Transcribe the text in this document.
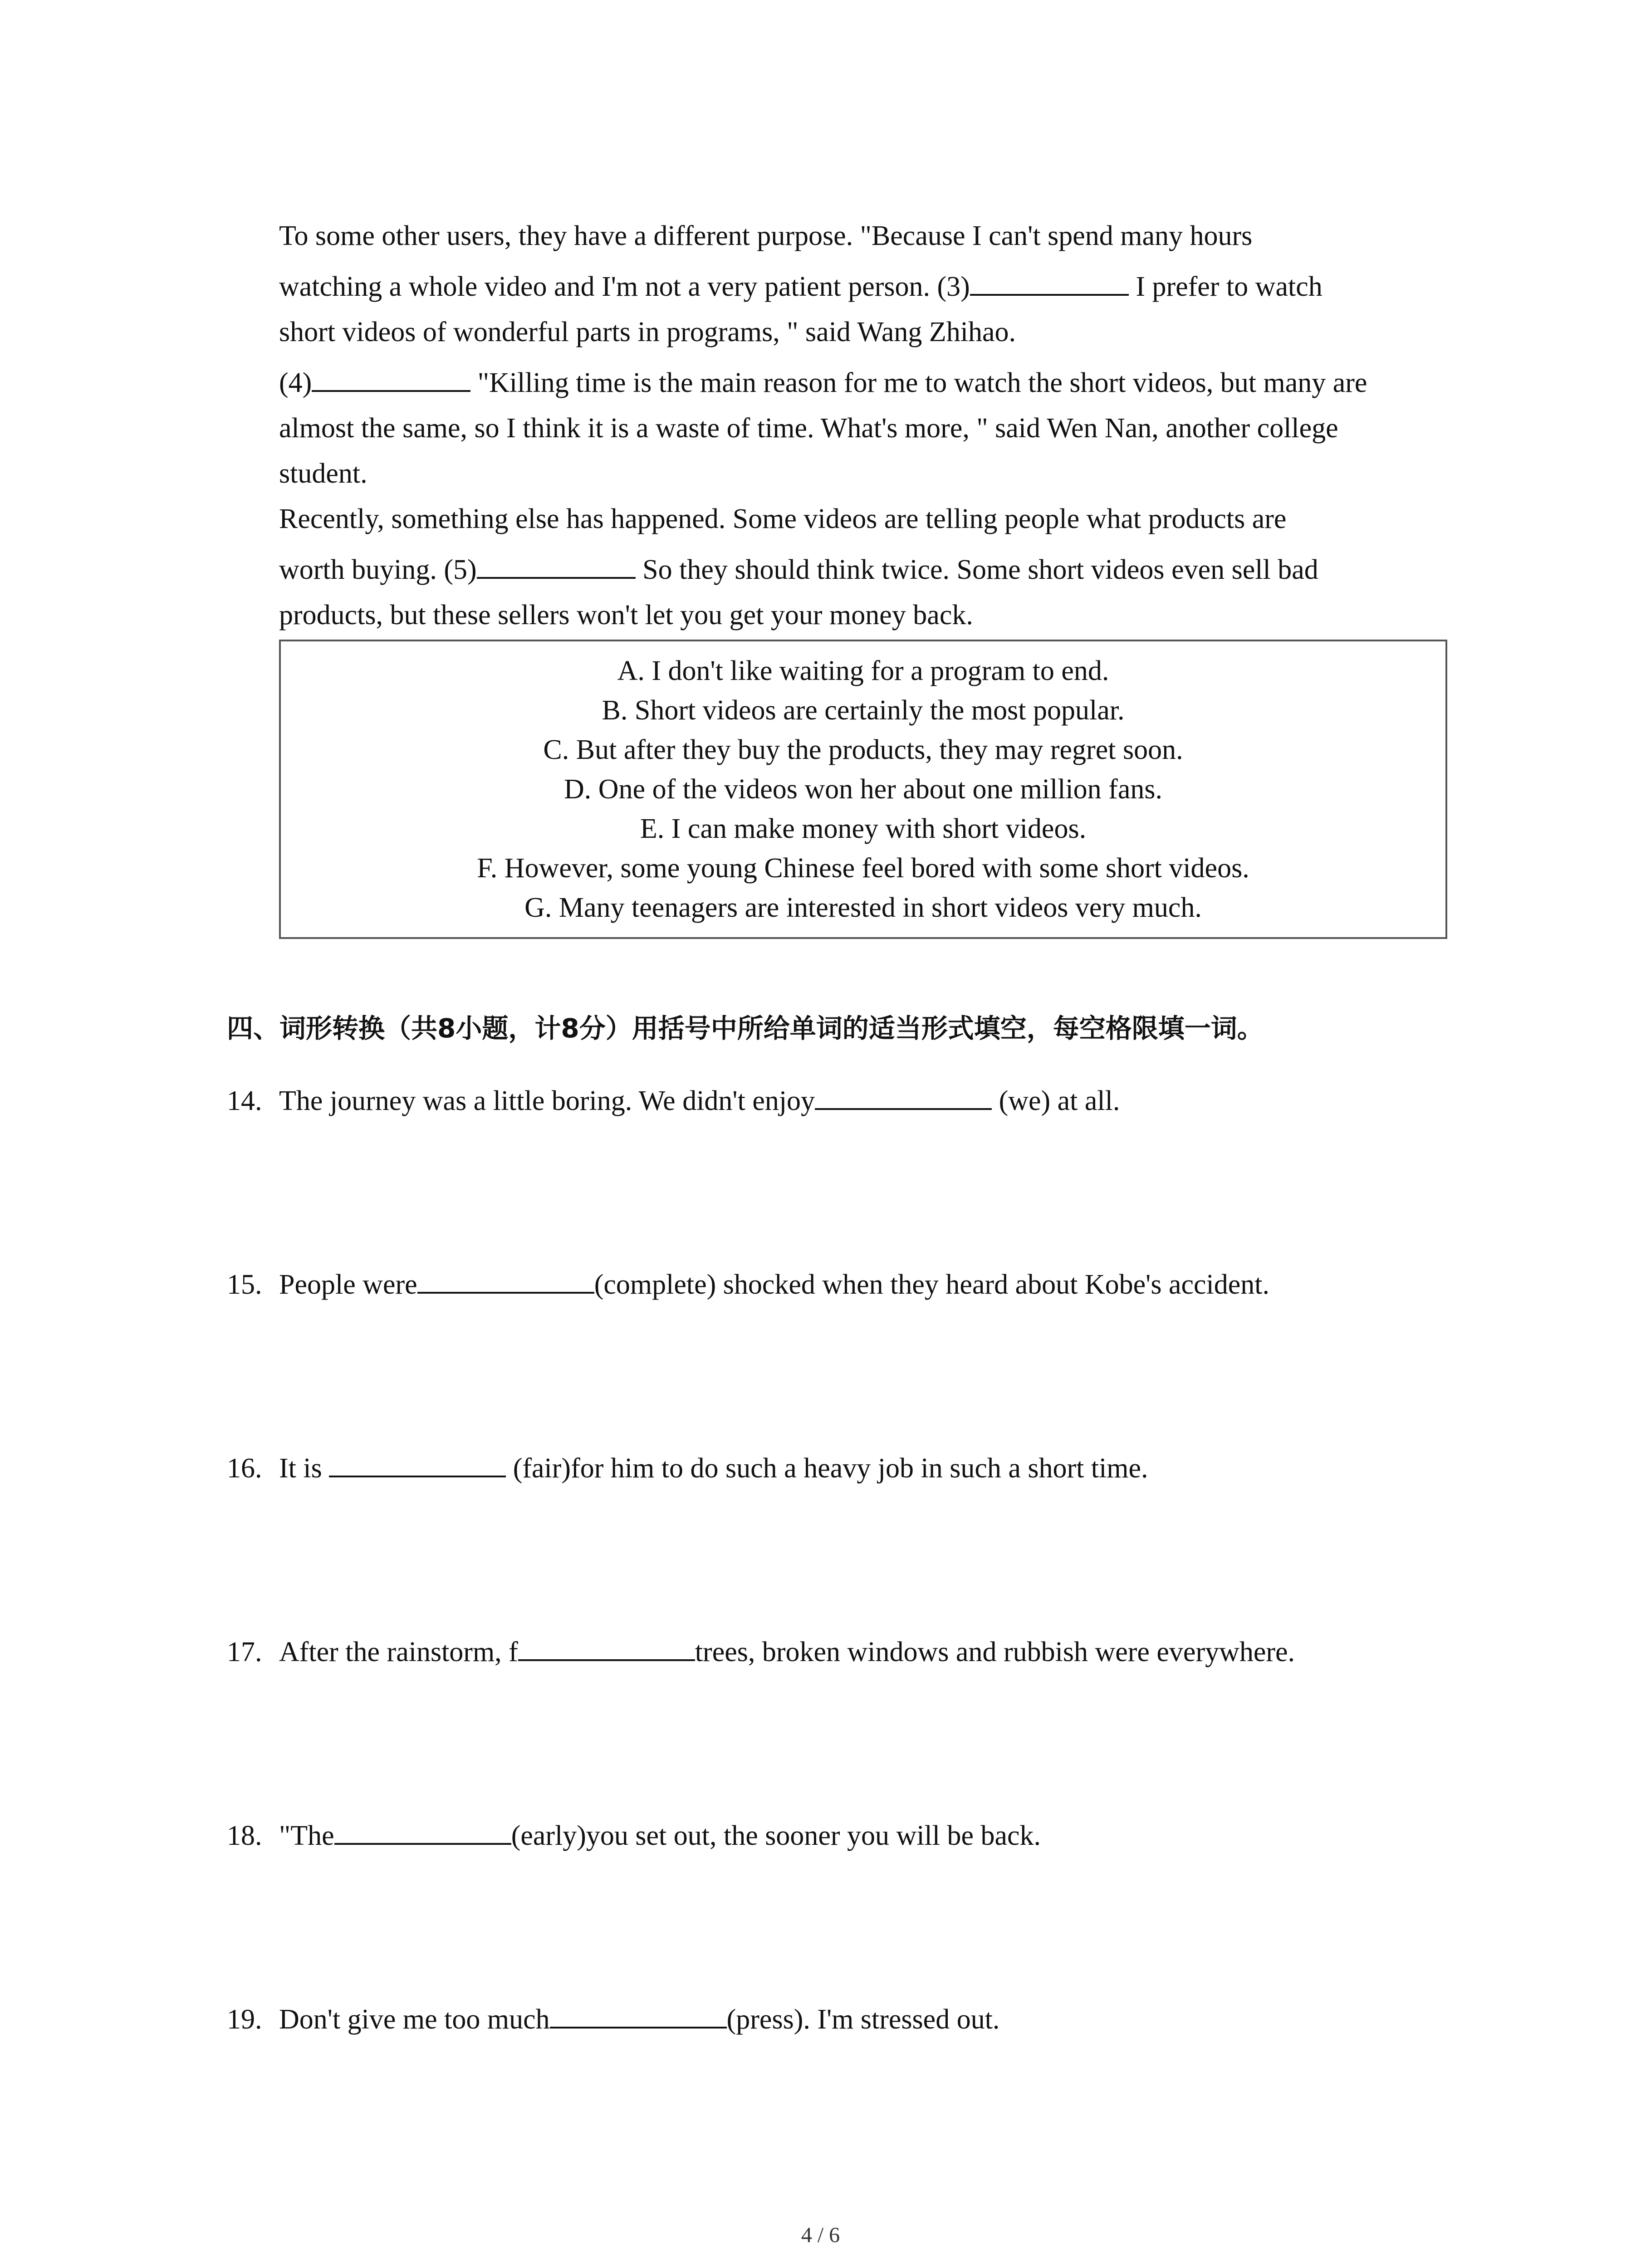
To some other users, they have a different purpose. "Because I can't spend many hours

watching a whole video and I'm not a very patient person. (3)	I prefer to watch

short videos of wonderful parts in programs, " said Wang Zhihao.

(4)	"Killing time is the main reason for me to watch the short videos, but many are

almost the same, so I think it is a waste of time. What's more, " said Wen Nan, another college

student.

Recently, something else has happened. Some videos are telling people what products are

worth buying. (5)	So they should think twice. Some short videos even sell bad

products, but these sellers won't let you get your money back.

A. I don't like waiting for a program to end.
B. Short videos are certainly the most popular.
C. But after they buy the products, they may regret soon.
D. One of the videos won her about one million fans.
E. I can make money with short videos.
F. However, some young Chinese feel bored with some short videos.
G. Many teenagers are interested in short videos very much.
四、词形转换（共8小题，计8分）用括号中所给单词的适当形式填空，每空格限填一词。
14. The journey was a little boring. We didn't enjoy	(we) at all.
15. People were	(complete) shocked when they heard about Kobe's accident.
16. It is	(fair)for him to do such a heavy job in such a short time.
17. After the rainstorm, f	trees, broken windows and rubbish were everywhere.
18. "The	(early)you set out, the sooner you will be back.
19. Don't give me too much	(press). I'm stressed out.
4 / 6
